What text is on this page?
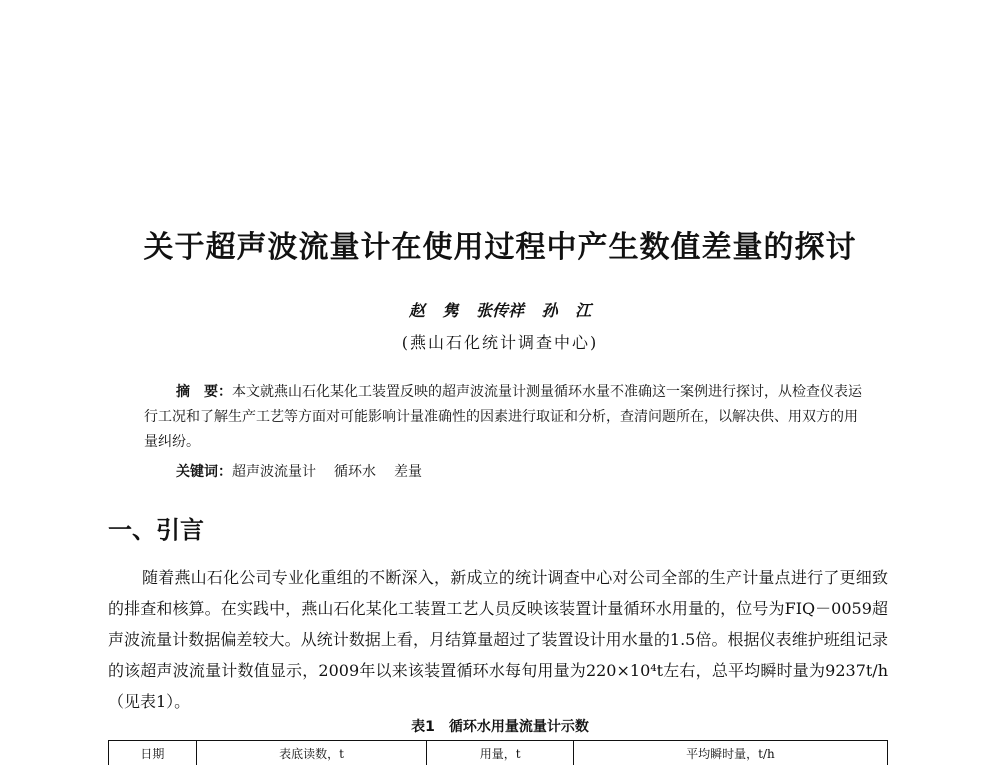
关于超声波流量计在使用过程中产生数值差量的探讨
赵 隽 张传祥 孙 江
(燕山石化统计调查中心)
摘　要：本文就燕山石化某化工装置反映的超声波流量计测量循环水量不准确这一案例进行探讨，从检查仪表运行工况和了解生产工艺等方面对可能影响计量准确性的因素进行取证和分析，查清问题所在，以解决供、用双方的用量纠纷。
关键词：超声波流量计 循环水 差量
一、引言
随着燕山石化公司专业化重组的不断深入，新成立的统计调查中心对公司全部的生产计量点进行了更细致的排查和核算。在实践中，燕山石化某化工装置工艺人员反映该装置计量循环水用量的，位号为FIQ－0059超声波流量计数据偏差较大。从统计数据上看，月结算量超过了装置设计用水量的1.5倍。根据仪表维护班组记录的该超声波流量计数值显示，2009年以来该装置循环水每旬用量为220×10⁴t左右，总平均瞬时量为9237t/h（见表1）。
表1　循环水用量流量计示数
日期	表底读数，t	用量，t	平均瞬时量，t/h
